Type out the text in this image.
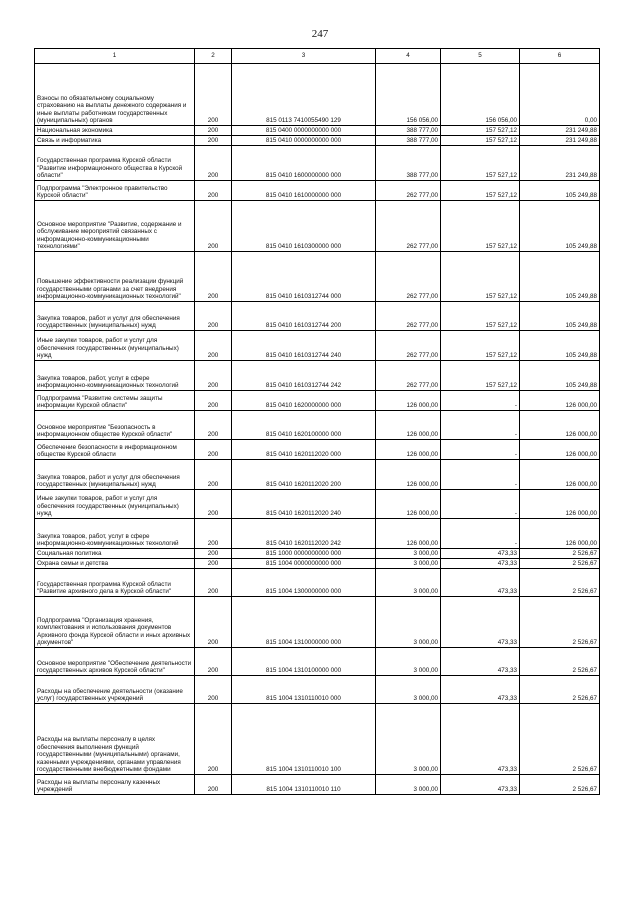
247
1	2	3	4	5	6
Взносы по обязательному социальному страхованию на выплаты денежного содержания и иные выплаты работникам государственных (муниципальных) органов	200	815 0113 7410055490 129	156 056,00	156 056,00	0,00
Национальная экономика	200	815 0400 0000000000 000	388 777,00	157 527,12	231 249,88
Связь и информатика	200	815 0410 0000000000 000	388 777,00	157 527,12	231 249,88
Государственная программа Курской области "Развитие информационного общества в Курской области"	200	815 0410 1600000000 000	388 777,00	157 527,12	231 249,88
Подпрограмма "Электронное правительство Курской области"	200	815 0410 1610000000 000	262 777,00	157 527,12	105 249,88
Основное мероприятие "Развитие, содержание и обслуживание мероприятий связанных с информационно-коммуникационными технологиями"	200	815 0410 1610300000 000	262 777,00	157 527,12	105 249,88
Повышение эффективности реализации функций государственными органами за счет внедрения информационно-коммуникационных технологий"	200	815 0410 1610312744 000	262 777,00	157 527,12	105 249,88
Закупка товаров, работ и услуг для обеспечения государственных (муниципальных) нужд	200	815 0410 1610312744 200	262 777,00	157 527,12	105 249,88
Иные закупки товаров, работ и услуг для обеспечения государственных (муниципальных) нужд	200	815 0410 1610312744 240	262 777,00	157 527,12	105 249,88
Закупка товаров, работ, услуг в сфере информационно-коммуникационных технологий	200	815 0410 1610312744 242	262 777,00	157 527,12	105 249,88
Подпрограмма "Развитие системы защиты информации Курской области"	200	815 0410 1620000000 000	126 000,00	-	126 000,00
Основное мероприятие "Безопасность в информационном обществе Курской области"	200	815 0410 1620100000 000	126 000,00	-	126 000,00
Обеспечение безопасности в информационном обществе Курской области	200	815 0410 1620112020 000	126 000,00	-	126 000,00
Закупка товаров, работ и услуг для обеспечения государственных (муниципальных) нужд	200	815 0410 1620112020 200	126 000,00	-	126 000,00
Иные закупки товаров, работ и услуг для обеспечения государственных (муниципальных) нужд	200	815 0410 1620112020 240	126 000,00	-	126 000,00
Закупка товаров, работ, услуг в сфере информационно-коммуникационных технологий	200	815 0410 1620112020 242	126 000,00	-	126 000,00
Социальная политика	200	815 1000 0000000000 000	3 000,00	473,33	2 526,67
Охрана семьи и детства	200	815 1004 0000000000 000	3 000,00	473,33	2 526,67
Государственная программа Курской области "Развитие архивного дела в Курской области"	200	815 1004 1300000000 000	3 000,00	473,33	2 526,67
Подпрограмма "Организация хранения, комплектования и использования документов Архивного фонда Курской области и иных архивных документов"	200	815 1004 1310000000 000	3 000,00	473,33	2 526,67
Основное мероприятие "Обеспечение деятельности государственных архивов Курской области"	200	815 1004 1310100000 000	3 000,00	473,33	2 526,67
Расходы на обеспечение деятельности (оказание услуг) государственных учреждений	200	815 1004 1310110010 000	3 000,00	473,33	2 526,67
Расходы на выплаты персоналу в целях обеспечения выполнения функций государственными (муниципальными) органами, казенными учреждениями, органами управления государственными внебюджетными фондами	200	815 1004 1310110010 100	3 000,00	473,33	2 526,67
Расходы на выплаты персоналу казенных учреждений	200	815 1004 1310110010 110	3 000,00	473,33	2 526,67
